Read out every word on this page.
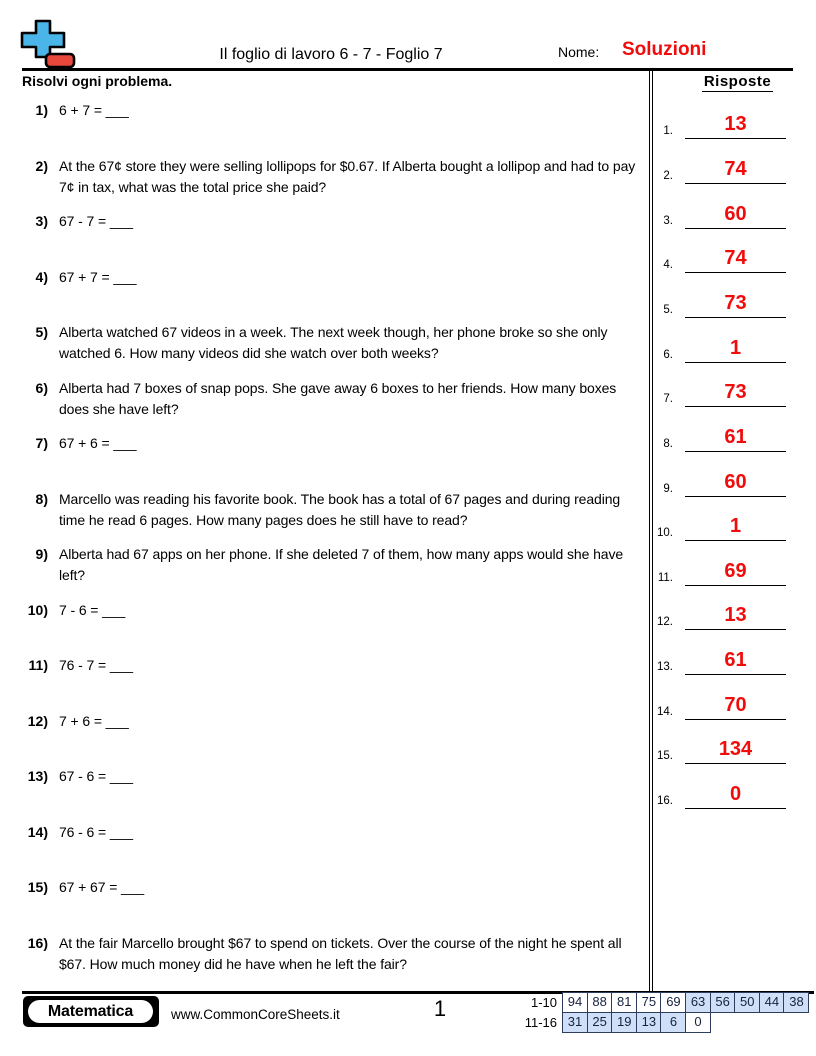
Il foglio di lavoro 6 - 7 - Foglio 7	Nome: Soluzioni
Risolvi ogni problema.	Risposte
1) 6 + 7 = ___
2) At the 67¢ store they were selling lollipops for $0.67. If Alberta bought a lollipop and had to pay 7¢ in tax, what was the total price she paid?
3) 67 - 7 = ___
4) 67 + 7 = ___
5) Alberta watched 67 videos in a week. The next week though, her phone broke so she only watched 6. How many videos did she watch over both weeks?
6) Alberta had 7 boxes of snap pops. She gave away 6 boxes to her friends. How many boxes does she have left?
7) 67 + 6 = ___
8) Marcello was reading his favorite book. The book has a total of 67 pages and during reading time he read 6 pages. How many pages does he still have to read?
9) Alberta had 67 apps on her phone. If she deleted 7 of them, how many apps would she have left?
10) 7 - 6 = ___
11) 76 - 7 = ___
12) 7 + 6 = ___
13) 67 - 6 = ___
14) 76 - 6 = ___
15) 67 + 67 = ___
16) At the fair Marcello brought $67 to spend on tickets. Over the course of the night he spent all $67. How much money did he have when he left the fair?
1.	13
2.	74
3.	60
4.	74
5.	73
6.	1
7.	73
8.	61
9.	60
10.	1
11.	69
12.	13
13.	61
14.	70
15.	134
16.	0
Matematica	www.CommonCoreSheets.it	1	1-10 94 88 81 75 69 63 56 50 44 38
11-16 31 25 19 13	6	0
